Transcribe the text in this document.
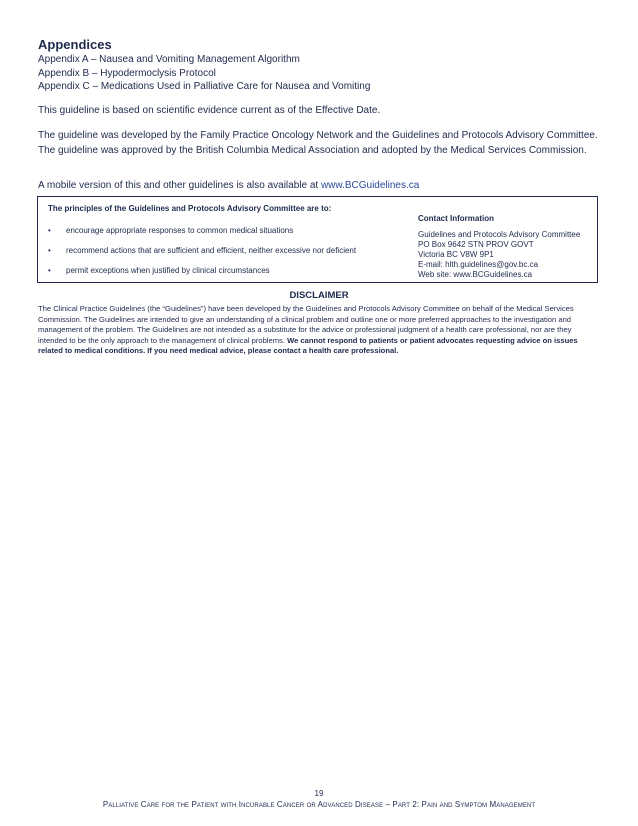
Appendices
Appendix A – Nausea and Vomiting Management Algorithm
Appendix B – Hypodermoclysis Protocol
Appendix C – Medications Used in Palliative Care for Nausea and Vomiting

This guideline is based on scientific evidence current as of the Effective Date.

The guideline was developed by the Family Practice Oncology Network and the Guidelines and Protocols Advisory Committee. The guideline was approved by the British Columbia Medical Association and adopted by the Medical Services Commission.

A mobile version of this and other guidelines is also available at www.BCGuidelines.ca

The principles of the Guidelines and Protocols Advisory Committee are to:

•	encourage appropriate responses to common medical situations
•	recommend actions that are sufficient and efficient, neither excessive nor deficient
•	permit exceptions when justified by clinical circumstances

Contact Information

Guidelines and Protocols Advisory Committee
PO Box 9642 STN PROV GOVT
Victoria BC V8W 9P1
E-mail: hlth.guidelines@gov.bc.ca
Web site: www.BCGuidelines.ca
DISCLAIMER

The Clinical Practice Guidelines (the “Guidelines”) have been developed by the Guidelines and Protocols Advisory Committee on behalf of the Medical Services Commission. The Guidelines are intended to give an understanding of a clinical problem and outline one or more preferred approaches to the investigation and management of the problem. The Guidelines are not intended as a substitute for the advice or professional judgment of a health care professional, nor are they intended to be the only approach to the management of clinical problems. We cannot respond to patients or patient advocates requesting advice on issues related to medical conditions. If you need medical advice, please contact a health care professional.

19

Palliative Care for the Patient with Incurable Cancer or Advanced Disease – Part 2: Pain and Symptom Management
